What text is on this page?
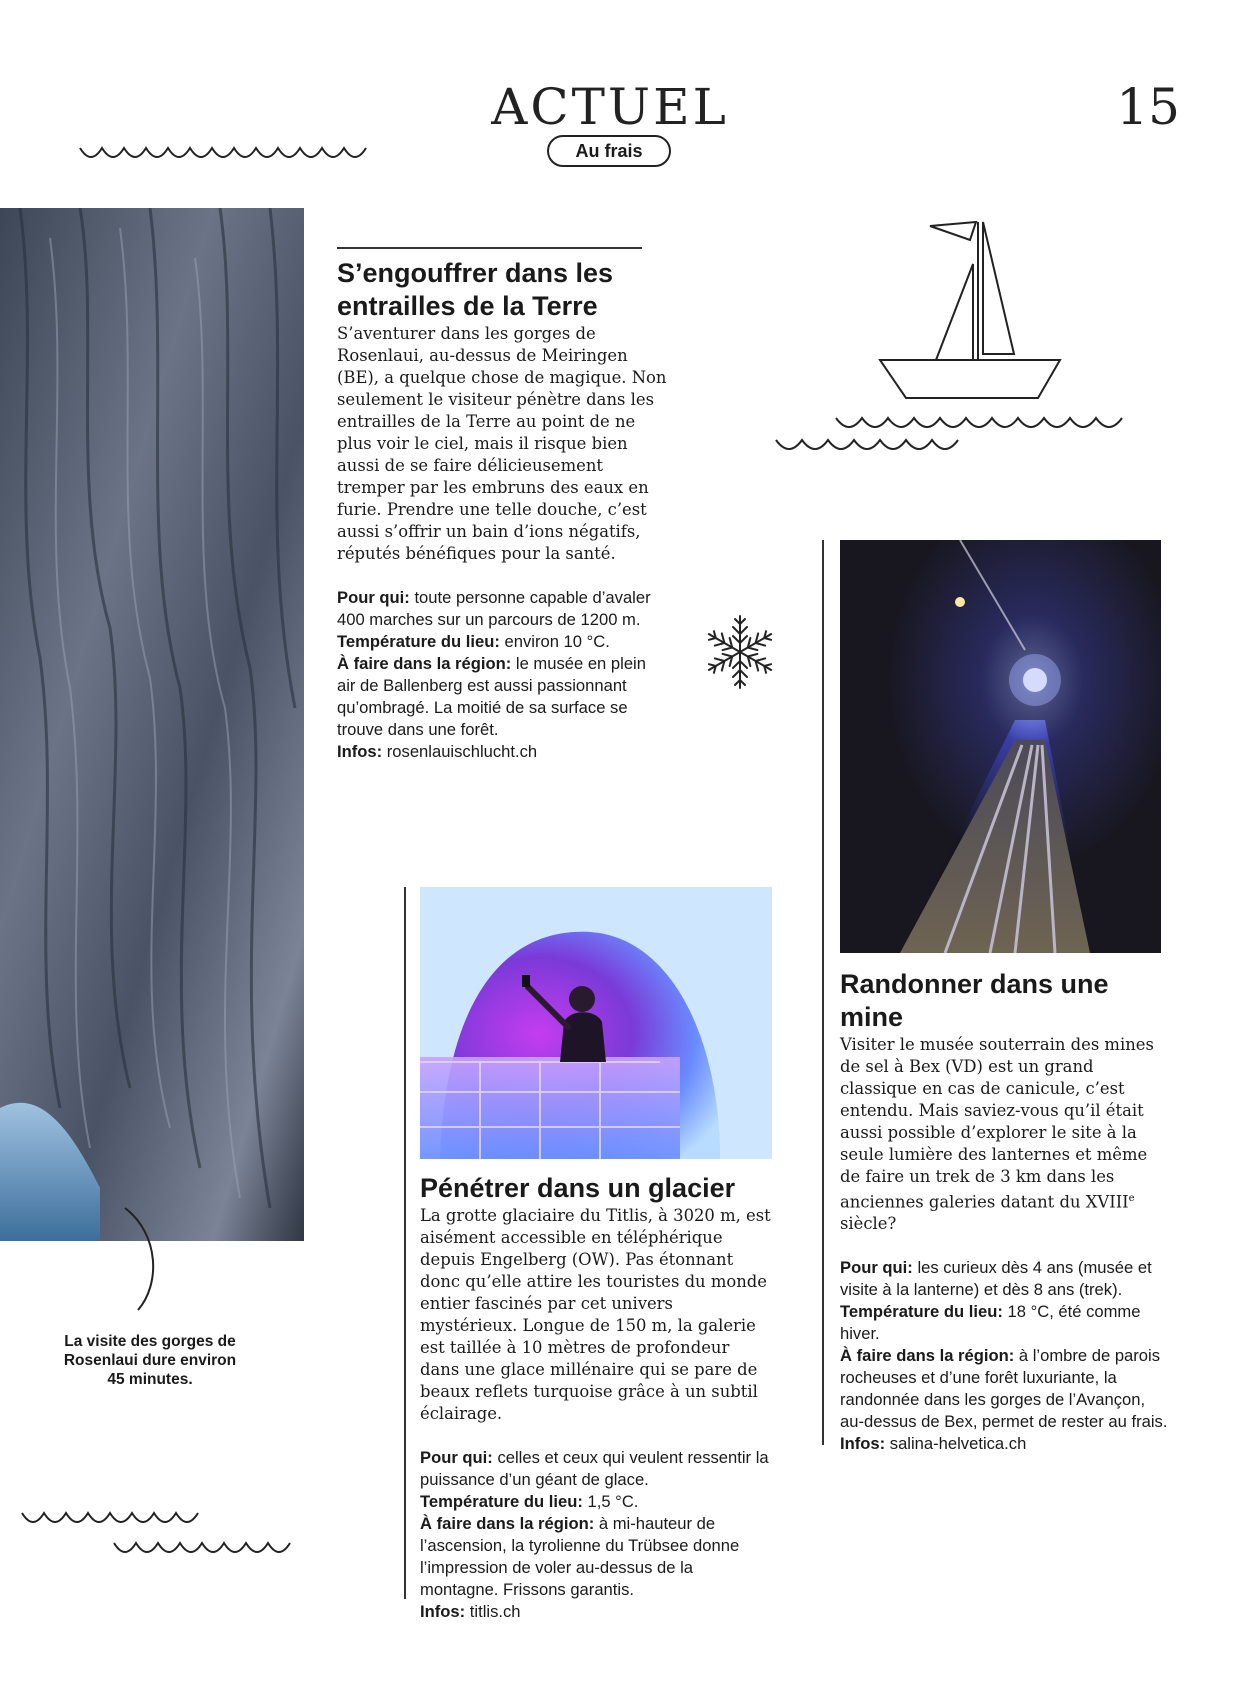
ACTUEL
Au frais
15
La visite des gorges de Rosenlaui dure environ 45 minutes.
S’engouffrer dans les entrailles de la Terre

S’aventurer dans les gorges de Rosenlaui, au-dessus de Meiringen (BE), a quelque chose de magique. Non seulement le visiteur pénètre dans les entrailles de la Terre au point de ne plus voir le ciel, mais il risque bien aussi de se faire délicieusement tremper par les embruns des eaux en furie. Prendre une telle douche, c’est aussi s’offrir un bain d’ions négatifs, réputés bénéfiques pour la santé.

Pour qui: toute personne capable d’avaler 400 marches sur un parcours de 1200 m.

Température du lieu: environ 10 °C.

À faire dans la région: le musée en plein air de Ballenberg est aussi passionnant qu’ombragé. La moitié de sa surface se trouve dans une forêt.

Infos: rosenlauischlucht.ch

Pénétrer dans un glacier

La grotte glaciaire du Titlis, à 3020 m, est aisément accessible en téléphérique depuis Engelberg (OW). Pas étonnant donc qu’elle attire les touristes du monde entier fascinés par cet univers mystérieux. Longue de 150 m, la galerie est taillée à 10 mètres de profondeur dans une glace millénaire qui se pare de beaux reflets turquoise grâce à un subtil éclairage.

Pour qui: celles et ceux qui veulent ressentir la puissance d’un géant de glace.

Température du lieu: 1,5 °C.

À faire dans la région: à mi-hauteur de l’ascension, la tyrolienne du Trübsee donne l’impression de voler au-dessus de la montagne. Frissons garantis.

Infos: titlis.ch

Randonner dans une mine

Visiter le musée souterrain des mines de sel à Bex (VD) est un grand classique en cas de canicule, c’est entendu. Mais saviez-vous qu’il était aussi possible d’explorer le site à la seule lumière des lanternes et même de faire un trek de 3 km dans les anciennes galeries datant du XVIIIe siècle?

Pour qui: les curieux dès 4 ans (musée et visite à la lanterne) et dès 8 ans (trek).

Température du lieu: 18 °C, été comme hiver.

À faire dans la région: à l’ombre de parois rocheuses et d’une forêt luxuriante, la randonnée dans les gorges de l’Avançon, au-dessus de Bex, permet de rester au frais.

Infos: salina-helvetica.ch
